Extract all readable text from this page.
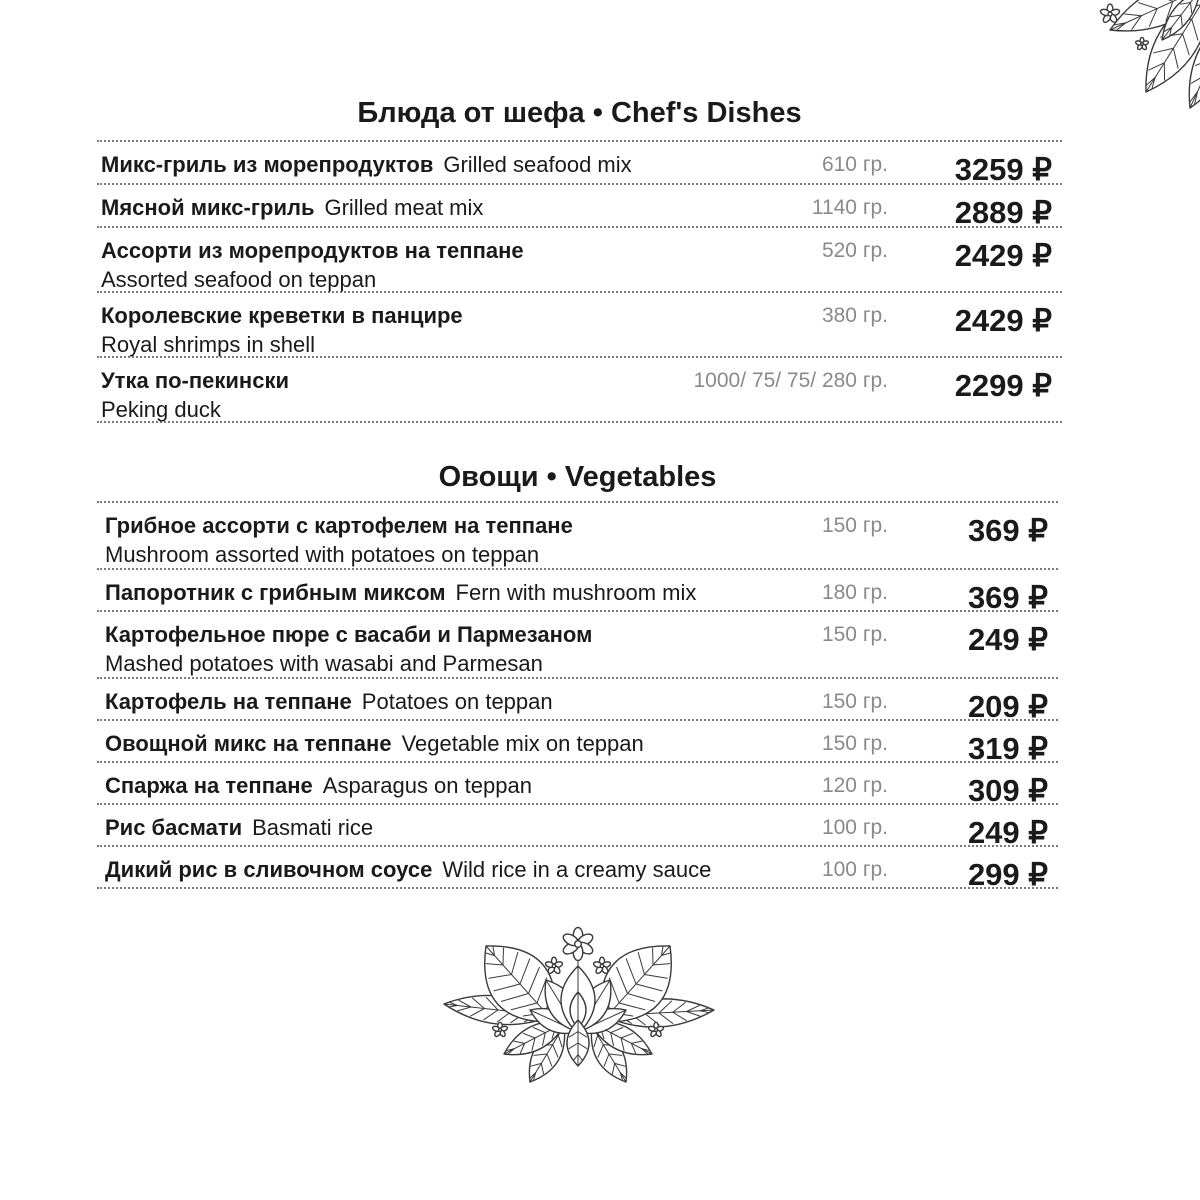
Блюда от шефа • Chef's Dishes
Микс-гриль из морепродуктов Grilled seafood mix	610 гр. 3259 ₽
Мясной микс-гриль Grilled meat mix	1140 гр. 2889 ₽
Ассорти из морепродуктов на теппане
Assorted seafood on teppan
520 гр. 2429 ₽
Королевские креветки в панцире
Royal shrimps in shell
380 гр. 2429 ₽
Утка по-пекински
Peking duck
1000/ 75/ 75/ 280 гр. 2299 ₽
Овощи • Vegetables
Грибное ассорти с картофелем на теппане
Mushroom assorted with potatoes on teppan
150 гр.	369 ₽
Папоротник с грибным миксом Fern with mushroom mix	180 гр.	369 ₽
Картофельное пюре с васаби и Пармезаном
Mashed potatoes with wasabi and Parmesan
150 гр.	249 ₽
Картофель на теппане Potatoes on teppan	150 гр.	209 ₽
Овощной микс на теппане Vegetable mix on teppan	150 гр.	319 ₽
Спаржа на теппане Asparagus on teppan	120 гр.	309 ₽
Рис басмати Basmati rice	100 гр.	249 ₽
Дикий рис в сливочном соусе Wild rice in a creamy sauce	100 гр.	299 ₽
